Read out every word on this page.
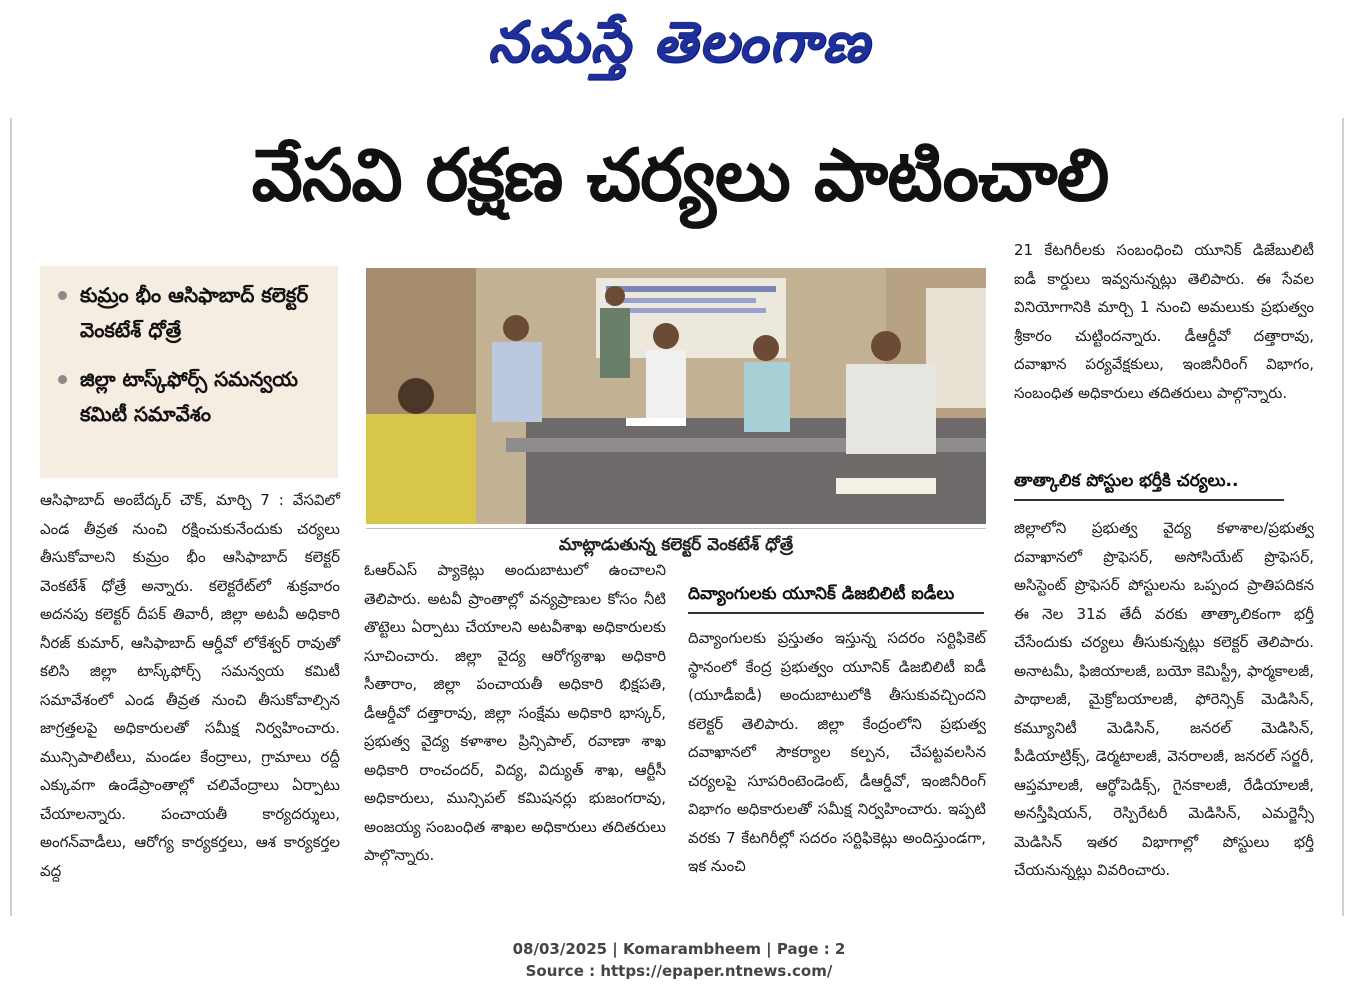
నమస్తే తెలంగాణ
వేసవి రక్షణ చర్యలు పాటించాలి
కుమ్రం భీం ఆసిఫాబాద్ కలెక్టర్ వెంకటేశ్ ధోత్రే
జిల్లా టాస్క్‌ఫోర్స్ సమన్వయ కమిటీ సమావేశం
మాట్లాడుతున్న కలెక్టర్ వెంకటేశ్ ధోత్రే

ఆసిఫాబాద్ అంబేద్కర్ చౌక్, మార్చి 7 : వేసవిలో ఎండ తీవ్రత నుంచి రక్షించుకునేందుకు చర్యలు తీసుకోవాలని కుమ్రం భీం ఆసిఫాబాద్ కలెక్టర్ వెంకటేశ్ ధోత్రే అన్నారు. కలెక్టరేట్‌లో శుక్రవారం అదనపు కలెక్టర్ దీపక్ తివారీ, జిల్లా అటవీ అధికారి నీరజ్ కుమార్, ఆసిఫాబాద్ ఆర్డీవో లోకేశ్వర్ రావుతో కలిసి జిల్లా టాస్క్‌ఫోర్స్ సమన్వయ కమిటీ సమావేశంలో ఎండ తీవ్రత నుంచి తీసుకోవాల్సిన జాగ్రత్తలపై అధికారులతో సమీక్ష నిర్వహించారు. మున్సిపాలిటీలు, మండల కేంద్రాలు, గ్రామాలు రద్దీ ఎక్కువగా ఉండేప్రాంతాల్లో చలివేంద్రాలు ఏర్పాటు చేయాలన్నారు. పంచాయతీ కార్యదర్శులు, అంగన్‌వాడీలు, ఆరోగ్య కార్యకర్తలు, ఆశ కార్యకర్తల వద్ద

ఓఆర్ఎస్ ప్యాకెట్లు అందుబాటులో ఉంచాలని తెలిపారు. అటవీ ప్రాంతాల్లో వన్యప్రాణుల కోసం నీటి తొట్టెలు ఏర్పాటు చేయాలని అటవీశాఖ అధికారులకు సూచించారు. జిల్లా వైద్య ఆరోగ్యశాఖ అధికారి సీతారాం, జిల్లా పంచాయతీ అధికారి భిక్షపతి, డీఆర్డీవో దత్తారావు, జిల్లా సంక్షేమ అధికారి భాస్కర్, ప్రభుత్వ వైద్య కళాశాల ప్రిన్సిపాల్, రవాణా శాఖ అధికారి రాంచందర్, విద్య, విద్యుత్ శాఖ, ఆర్టీసీ అధికారులు, మున్సిపల్ కమిషనర్లు భుజంగరావు, అంజయ్య సంబంధిత శాఖల అధికారులు తదితరులు పాల్గొన్నారు.

దివ్యాంగులకు యూనిక్ డిజబిలిటీ ఐడీలు

దివ్యాంగులకు ప్రస్తుతం ఇస్తున్న సదరం సర్టిఫికెట్ స్థానంలో కేంద్ర ప్రభుత్వం యూనిక్ డిజబిలిటీ ఐడీ (యూడీఐడీ) అందుబాటులోకి తీసుకువచ్చిందని కలెక్టర్ తెలిపారు. జిల్లా కేంద్రంలోని ప్రభుత్వ దవాఖానలో సౌకర్యాల కల్పన, చేపట్టవలసిన చర్యలపై సూపరింటెండెంట్, డీఆర్డీవో, ఇంజినీరింగ్ విభాగం అధికారులతో సమీక్ష నిర్వహించారు. ఇప్పటి వరకు 7 కేటగిరీల్లో సదరం సర్టిఫికెట్లు అందిస్తుండగా, ఇక నుంచి

21 కేటగిరీలకు సంబంధించి యూనిక్ డిజేబులిటీ ఐడీ కార్డులు ఇవ్వనున్నట్లు తెలిపారు. ఈ సేవల వినియోగానికి మార్చి 1 నుంచి అమలుకు ప్రభుత్వం శ్రీకారం చుట్టిందన్నారు. డీఆర్డీవో దత్తారావు, దవాఖాన పర్యవేక్షకులు, ఇంజినీరింగ్ విభాగం, సంబంధిత అధికారులు తదితరులు పాల్గొన్నారు.

తాత్కాలిక పోస్టుల భర్తీకి చర్యలు..

జిల్లాలోని ప్రభుత్వ వైద్య కళాశాల/ప్రభుత్వ దవాఖానలో ప్రొఫెసర్, అసోసియేట్ ప్రొఫెసర్, అసిస్టెంట్ ప్రొఫెసర్ పోస్టులను ఒప్పంద ప్రాతిపదికన ఈ నెల 31వ తేదీ వరకు తాత్కాలికంగా భర్తీ చేసేందుకు చర్యలు తీసుకున్నట్లు కలెక్టర్ తెలిపారు. అనాటమీ, ఫిజియాలజీ, బయో కెమిస్ట్రీ, ఫార్మకాలజీ, పాథాలజీ, మైక్రోబయాలజీ, ఫోరెన్సిక్ మెడిసిన్, కమ్యూనిటీ మెడిసిన్, జనరల్ మెడిసిన్, పీడియాట్రిక్స్, డెర్మటాలజీ, వెనరాలజీ, జనరల్ సర్జరీ, ఆప్తమాలజీ, ఆర్థోపెడిక్స్, గైనకాలజీ, రేడియాలజీ, అనస్తీషియన్, రెస్పిరేటరీ మెడిసిన్, ఎమర్జెన్సీ మెడిసిన్ ఇతర విభాగాల్లో పోస్టులు భర్తీ చేయనున్నట్లు వివరించారు.

08/03/2025 | Komarambheem | Page : 2
Source : https://epaper.ntnews.com/
